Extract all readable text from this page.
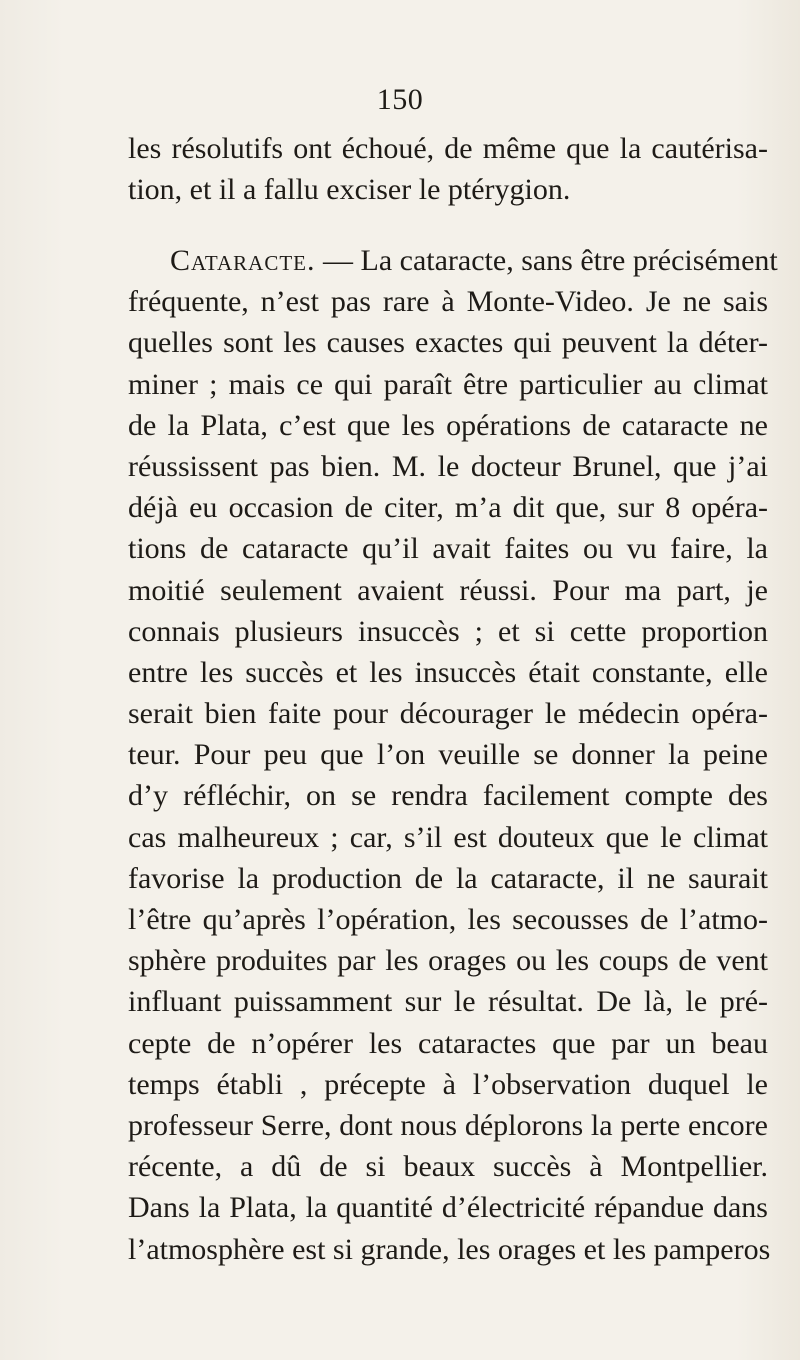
150
les résolutifs ont échoué, de même que la cautérisa-
tion, et il a fallu exciser le ptérygion.
Cataracte. — La cataracte, sans être précisément
fréquente, n’est pas rare à Monte-Video. Je ne sais
quelles sont les causes exactes qui peuvent la déter-
miner ; mais ce qui paraît être particulier au climat
de la Plata, c’est que les opérations de cataracte ne
réussissent pas bien. M. le docteur Brunel, que j’ai
déjà eu occasion de citer, m’a dit que, sur 8 opéra-
tions de cataracte qu’il avait faites ou vu faire, la
moitié seulement avaient réussi. Pour ma part, je
connais plusieurs insuccès ; et si cette proportion
entre les succès et les insuccès était constante, elle
serait bien faite pour décourager le médecin opéra-
teur. Pour peu que l’on veuille se donner la peine
d’y réfléchir, on se rendra facilement compte des
cas malheureux ; car, s’il est douteux que le climat
favorise la production de la cataracte, il ne saurait
l’être qu’après l’opération, les secousses de l’atmo-
sphère produites par les orages ou les coups de vent
influant puissamment sur le résultat. De là, le pré-
cepte de n’opérer les cataractes que par un beau
temps établi , précepte à l’observation duquel le
professeur Serre, dont nous déplorons la perte encore
récente, a dû de si beaux succès à Montpellier.
Dans la Plata, la quantité d’électricité répandue dans
l’atmosphère est si grande, les orages et les pamperos
